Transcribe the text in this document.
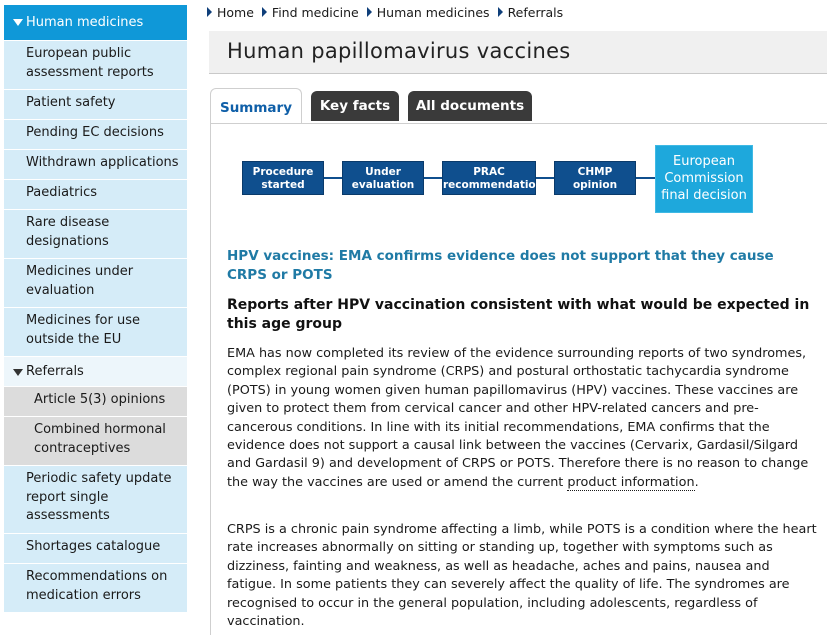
Human medicines
European public assessment reports
Patient safety
Pending EC decisions
Withdrawn applications
Paediatrics
Rare disease designations
Medicines under evaluation
Medicines for use outside the EU
Referrals
Article 5(3) opinions
Combined hormonal contraceptives
Periodic safety update report single assessments
Shortages catalogue
Recommendations on medication errors
Home Find medicine Human medicines Referrals
Human papillomavirus vaccines
Summary	Key facts	All documents
Procedure started
Under evaluation
PRAC recommendation
CHMP opinion
European Commission final decision
HPV vaccines: EMA confirms evidence does not support that they cause CRPS or POTS
Reports after HPV vaccination consistent with what would be expected in this age group

EMA has now completed its review of the evidence surrounding reports of two syndromes, complex regional pain syndrome (CRPS) and postural orthostatic tachycardia syndrome (POTS) in young women given human papillomavirus (HPV) vaccines. These vaccines are given to protect them from cervical cancer and other HPV-related cancers and pre-cancerous conditions. In line with its initial recommendations, EMA confirms that the evidence does not support a causal link between the vaccines (Cervarix, Gardasil/Silgard and Gardasil 9) and development of CRPS or POTS. Therefore there is no reason to change the way the vaccines are used or amend the current product information.

CRPS is a chronic pain syndrome affecting a limb, while POTS is a condition where the heart rate increases abnormally on sitting or standing up, together with symptoms such as dizziness, fainting and weakness, as well as headache, aches and pains, nausea and fatigue. In some patients they can severely affect the quality of life. The syndromes are recognised to occur in the general population, including adolescents, regardless of vaccination.
